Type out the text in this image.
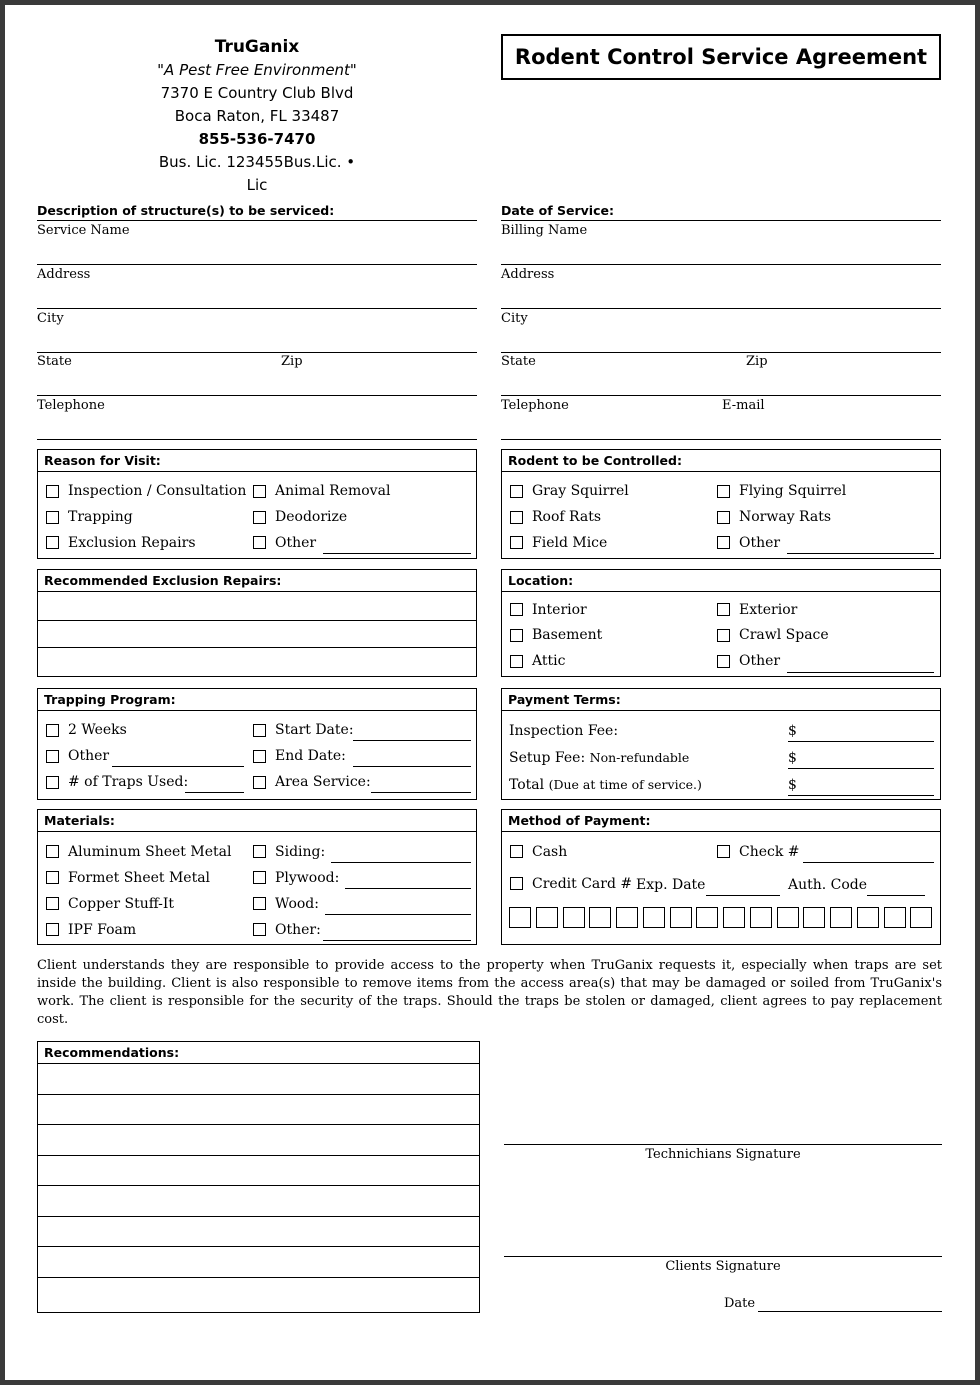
TruGanix
"A Pest Free Environment"
7370 E Country Club Blvd
Boca Raton, FL 33487
855-536-7470
Bus. Lic. 123455Bus.Lic. • Lic
Rodent Control Service Agreement
Description of structure(s) to be serviced:
Service Name
Address
City
State	Zip
Telephone
Date of Service:
Billing Name
Address
City
State	Zip
Telephone	E-mail
Reason for Visit:
Inspection / Consultation
Trapping
Exclusion Repairs
Animal Removal
Deodorize
Other
Rodent to be Controlled:
Gray Squirrel
Roof Rats
Field Mice
Flying Squirrel
Norway Rats
Other
Recommended Exclusion Repairs:	Location:
Interior
Basement
Attic
Exterior
Crawl Space
Other
Trapping Program:
2 Weeks
Other
# of Traps Used:
Start Date:
End Date:
Area Service:
Payment Terms:
Inspection Fee:	$
Setup Fee: Non-refundable	$
Total (Due at time of service.)	$
Materials:
Aluminum Sheet Metal
Formet Sheet Metal
Copper Stuff-It
IPF Foam
Siding:
Plywood:
Wood:
Other:
Method of Payment:
Cash	Check #
Credit Card # Exp. Date	Auth. Code
Client understands they are responsible to provide access to the property when TruGanix requests it, especially when traps are set inside the building. Client is also responsible to remove items from the access area(s) that may be damaged or soiled from TruGanix's work. The client is responsible for the security of the traps. Should the traps be stolen or damaged, client agrees to pay replacement cost.
Recommendations:
Technichians Signature
Clients Signature
Date
